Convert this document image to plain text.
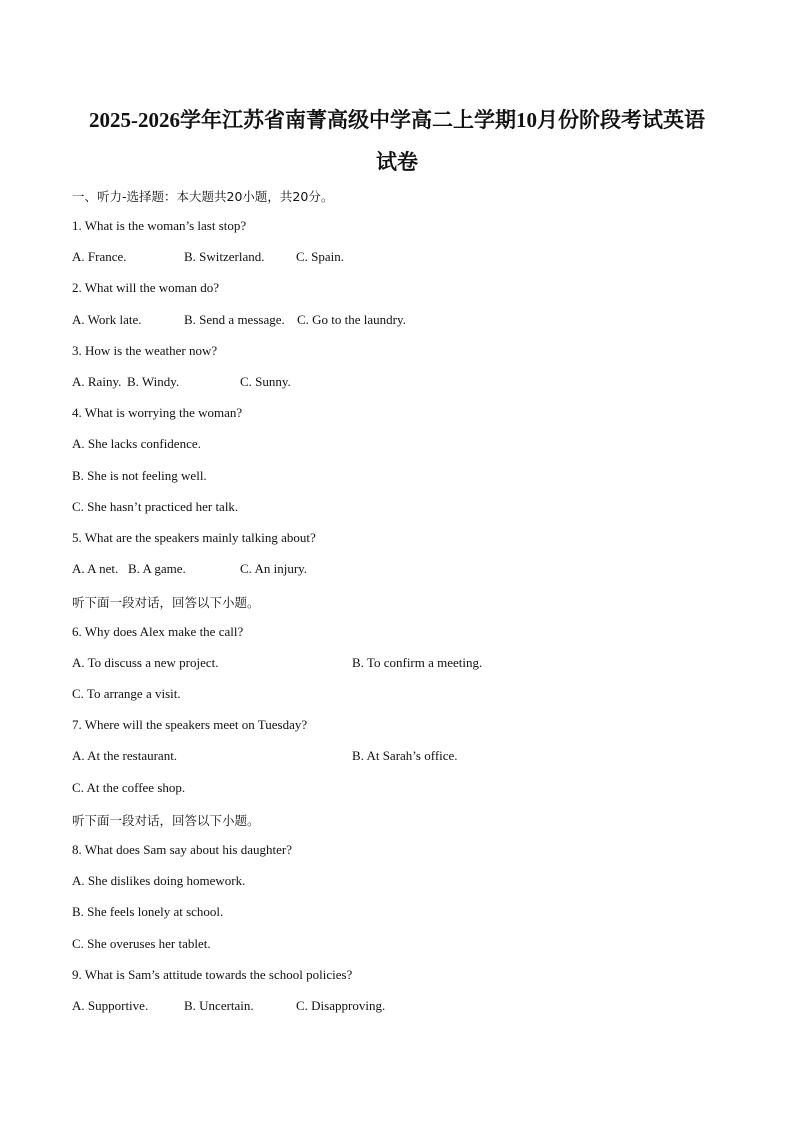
2025-2026学年江苏省南菁高级中学高二上学期10月份阶段考试英语
试卷
一、听力-选择题：本大题共20小题，共20分。
1. What is the woman’s last stop?
A. France.	B. Switzerland. C. Spain.
2. What will the woman do?
A. Work late.	B. Send a message. C. Go to the laundry.
3. How is the weather now?
A. Rainy. B. Windy.	C. Sunny.
4. What is worrying the woman?
A. She lacks confidence.
B. She is not feeling well.
C. She hasn’t practiced her talk.
5. What are the speakers mainly talking about?
A. A net. B. A game.	C. An injury.
听下面一段对话，回答以下小题。
6. Why does Alex make the call?
A. To discuss a new project.	B. To confirm a meeting.
C. To arrange a visit.
7. Where will the speakers meet on Tuesday?
A. At the restaurant.	B. At Sarah’s office.
C. At the coffee shop.
听下面一段对话，回答以下小题。
8. What does Sam say about his daughter?
A. She dislikes doing homework.
B. She feels lonely at school.
C. She overuses her tablet.
9. What is Sam’s attitude towards the school policies?
A. Supportive.	B. Uncertain.	C. Disapproving.
